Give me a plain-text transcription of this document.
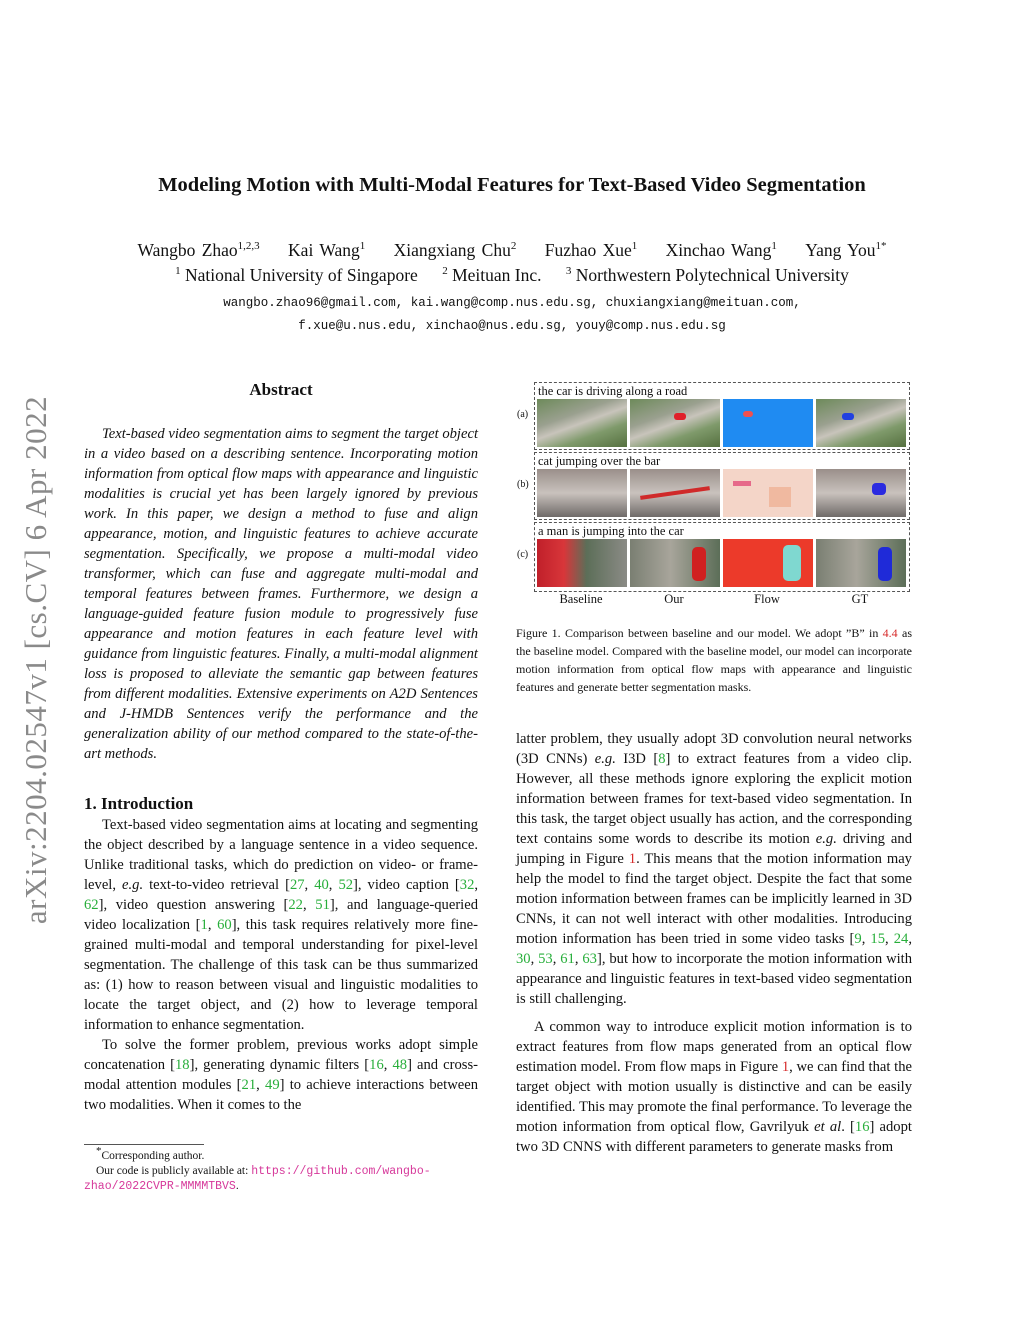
arXiv:2204.02547v1 [cs.CV] 6 Apr 2022
Modeling Motion with Multi-Modal Features for Text-Based Video Segmentation
Wangbo Zhao$^{1,2,3}$ Kai Wang$^1$ Xiangxiang Chu$^2$ Fuzhao Xue$^1$ Xinchao Wang$^1$ Yang You$^{1*}$
$^1$ National University of Singapore $^2$ Meituan Inc. $^3$ Northwestern Polytechnical University
wangbo.zhao96@gmail.com, kai.wang@comp.nus.edu.sg, chuxiangxiang@meituan.com,
f.xue@u.nus.edu, xinchao@nus.edu.sg, youy@comp.nus.edu.sg
Abstract

Text-based video segmentation aims to segment the target object in a video based on a describing sentence. Incorporating motion information from optical flow maps with appearance and linguistic modalities is crucial yet has been largely ignored by previous work. In this paper, we design a method to fuse and align appearance, motion, and linguistic features to achieve accurate segmentation. Specifically, we propose a multi-modal video transformer, which can fuse and aggregate multi-modal and temporal features between frames. Furthermore, we design a language-guided feature fusion module to progressively fuse appearance and motion features in each feature level with guidance from linguistic features. Finally, a multi-modal alignment loss is proposed to alleviate the semantic gap between features from different modalities. Extensive experiments on A2D Sentences and J-HMDB Sentences verify the performance and the generalization ability of our method compared to the state-of-the-art methods.

1. Introduction

Text-based video segmentation aims at locating and segmenting the object described by a language sentence in a video sequence. Unlike traditional tasks, which do prediction on video- or frame- level, e.g. text-to-video retrieval [27, 40, 52], video caption [32, 62], video question answering [22, 51], and language-queried video localization [1, 60], this task requires relatively more fine-grained multi-modal and temporal understanding for pixel-level segmentation. The challenge of this task can be thus summarized as: (1) how to reason between visual and linguistic modalities to locate the target object, and (2) how to leverage temporal information to enhance segmentation.

To solve the former problem, previous works adopt simple concatenation [18], generating dynamic filters [16, 48] and cross-modal attention modules [21, 49] to achieve interactions between two modalities. When it comes to the

*Corresponding author.

Our code is publicly available at: https://github.com/wangbo-zhao/2022CVPR-MMMMTBVS.

(a)
the car is driving along a road
(b)
cat jumping over the bar
(c)
a man is jumping into the car
Baseline	Our	Flow	GT
Figure 1. Comparison between baseline and our model. We adopt ”B” in 4.4 as the baseline model. Compared with the baseline model, our model can incorporate motion information from optical flow maps with appearance and linguistic features and generate better segmentation masks.

latter problem, they usually adopt 3D convolution neural networks (3D CNNs) e.g. I3D [8] to extract features from a video clip. However, all these methods ignore exploring the explicit motion information between frames for text-based video segmentation. In this task, the target object usually has action, and the corresponding text contains some words to describe its motion e.g. driving and jumping in Figure 1. This means that the motion information may help the model to find the target object. Despite the fact that some motion information between frames can be implicitly learned in 3D CNNs, it can not well interact with other modalities. Introducing motion information has been tried in some video tasks [9, 15, 24, 30, 53, 61, 63], but how to incorporate the motion information with appearance and linguistic features in text-based video segmentation is still challenging.

A common way to introduce explicit motion information is to extract features from flow maps generated from an optical flow estimation model. From flow maps in Figure 1, we can find that the target object with motion usually is distinctive and can be easily identified. This may promote the final performance. To leverage the motion information from optical flow, Gavrilyuk et al. [16] adopt two 3D CNNS with different parameters to generate masks from
